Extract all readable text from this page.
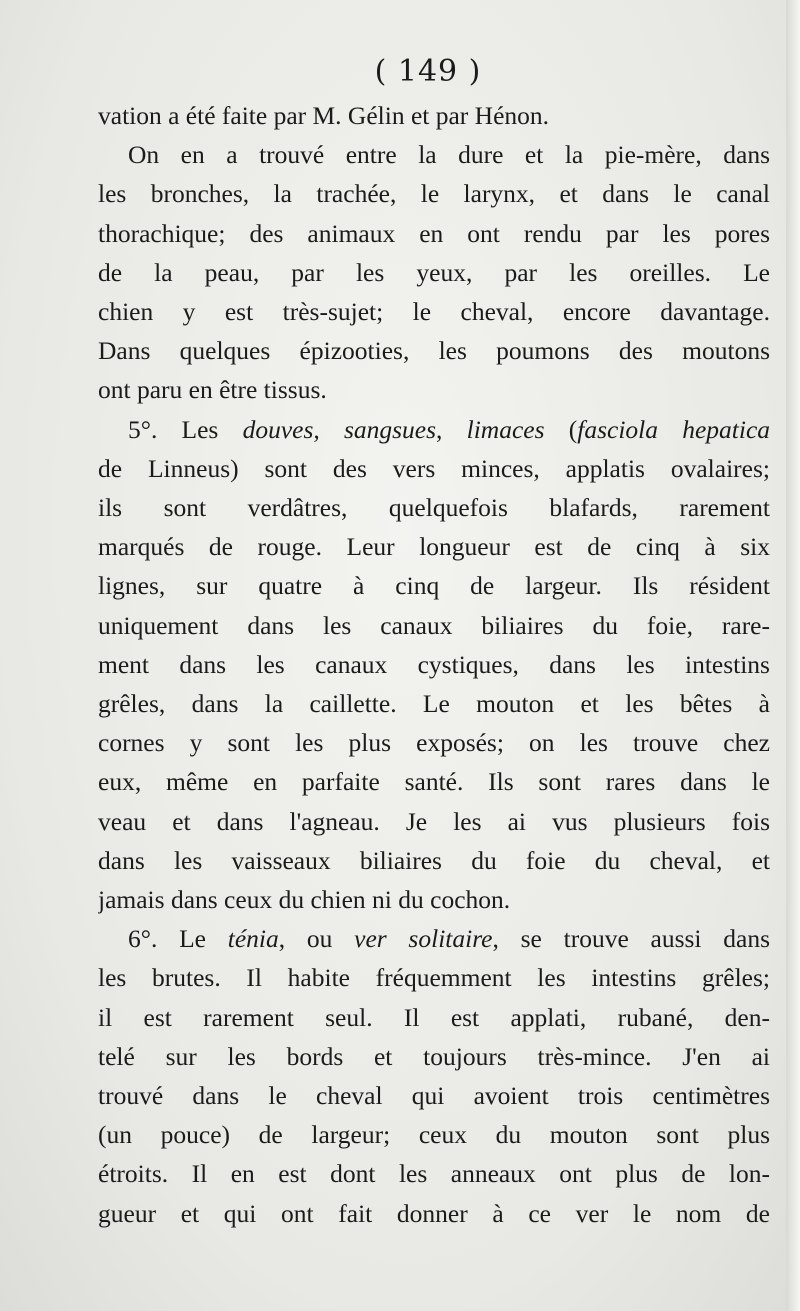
( 149 )
vation a été faite par M. Gélin et par Hénon.
On en a trouvé entre la dure et la pie-mère, dans
les bronches, la trachée, le larynx, et dans le canal
thorachique; des animaux en ont rendu par les pores
de la peau, par les yeux, par les oreilles. Le
chien y est très-sujet; le cheval, encore davantage.
Dans quelques épizooties, les poumons des moutons
ont paru en être tissus.
5°. Les douves, sangsues, limaces (fasciola hepatica
de Linneus) sont des vers minces, applatis ovalaires;
ils sont verdâtres, quelquefois blafards, rarement
marqués de rouge. Leur longueur est de cinq à six
lignes, sur quatre à cinq de largeur. Ils résident
uniquement dans les canaux biliaires du foie, rare-
ment dans les canaux cystiques, dans les intestins
grêles, dans la caillette. Le mouton et les bêtes à
cornes y sont les plus exposés; on les trouve chez
eux, même en parfaite santé. Ils sont rares dans le
veau et dans l'agneau. Je les ai vus plusieurs fois
dans les vaisseaux biliaires du foie du cheval, et
jamais dans ceux du chien ni du cochon.
6°. Le ténia, ou ver solitaire, se trouve aussi dans
les brutes. Il habite fréquemment les intestins grêles;
il est rarement seul. Il est applati, rubané, den-
telé sur les bords et toujours très-mince. J'en ai
trouvé dans le cheval qui avoient trois centimètres
(un pouce) de largeur; ceux du mouton sont plus
étroits. Il en est dont les anneaux ont plus de lon-
gueur et qui ont fait donner à ce ver le nom de
